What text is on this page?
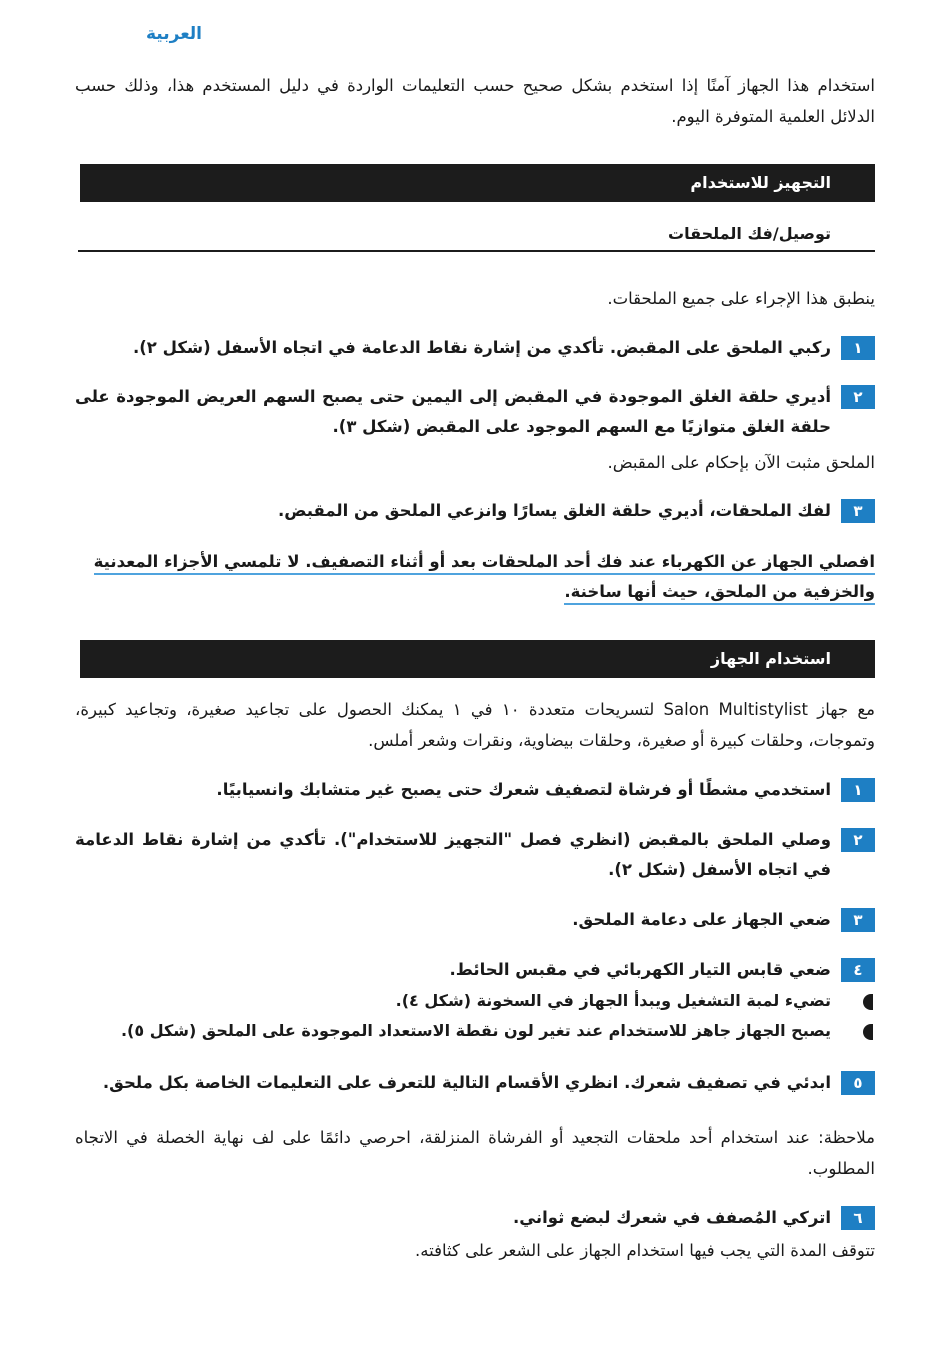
العربية
استخدام هذا الجهاز آمنًا إذا استخدم بشكل صحيح حسب التعليمات الواردة في دليل المستخدم هذا، وذلك حسب الدلائل العلمية المتوفرة اليوم.
التجهيز للاستخدام
توصيل/فك الملحقات
ينطبق هذا الإجراء على جميع الملحقات.
١
ركبي الملحق على المقبض. تأكدي من إشارة نقاط الدعامة في اتجاه الأسفل (شكل ٢).
٢
أديري حلقة الغلق الموجودة في المقبض إلى اليمين حتى يصبح السهم العريض الموجودة على حلقة الغلق متوازيًا مع السهم الموجود على المقبض (شكل ٣).
الملحق مثبت الآن بإحكام على المقبض.
٣
لفك الملحقات، أديري حلقة الغلق يسارًا وانزعي الملحق من المقبض.
افصلي الجهاز عن الكهرباء عند فك أحد الملحقات بعد أو أثناء التصفيف. لا تلمسي الأجزاء المعدنية والخزفية من الملحق، حيث أنها ساخنة.
استخدام الجهاز
مع جهاز Salon Multistylist لتسريحات متعددة ١٠ في ١ يمكنك الحصول على تجاعيد صغيرة، وتجاعيد كبيرة، وتموجات، وحلقات كبيرة أو صغيرة، وحلقات بيضاوية، ونقرات وشعر أملس.
١
استخدمي مشطًا أو فرشاة لتصفيف شعرك حتى يصبح غير متشابك وانسيابيًا.
٢
وصلي الملحق بالمقبض (انظري فصل "التجهيز للاستخدام"). تأكدي من إشارة نقاط الدعامة في اتجاه الأسفل (شكل ٢).
٣
ضعي الجهاز على دعامة الملحق.
٤
ضعي قابس التيار الكهربائي في مقبس الحائط.
تضيء لمبة التشغيل ويبدأ الجهاز في السخونة (شكل ٤).
يصبح الجهاز جاهز للاستخدام عند تغير لون نقطة الاستعداد الموجودة على الملحق (شكل ٥).
٥
ابدئي في تصفيف شعرك. انظري الأقسام التالية للتعرف على التعليمات الخاصة بكل ملحق.
ملاحظة: عند استخدام أحد ملحقات التجعيد أو الفرشاة المنزلقة، احرصي دائمًا على لف نهاية الخصلة في الاتجاه المطلوب.
٦
اتركي المُصفف في شعرك لبضع ثواني.
تتوقف المدة التي يجب فيها استخدام الجهاز على الشعر على كثافته.
